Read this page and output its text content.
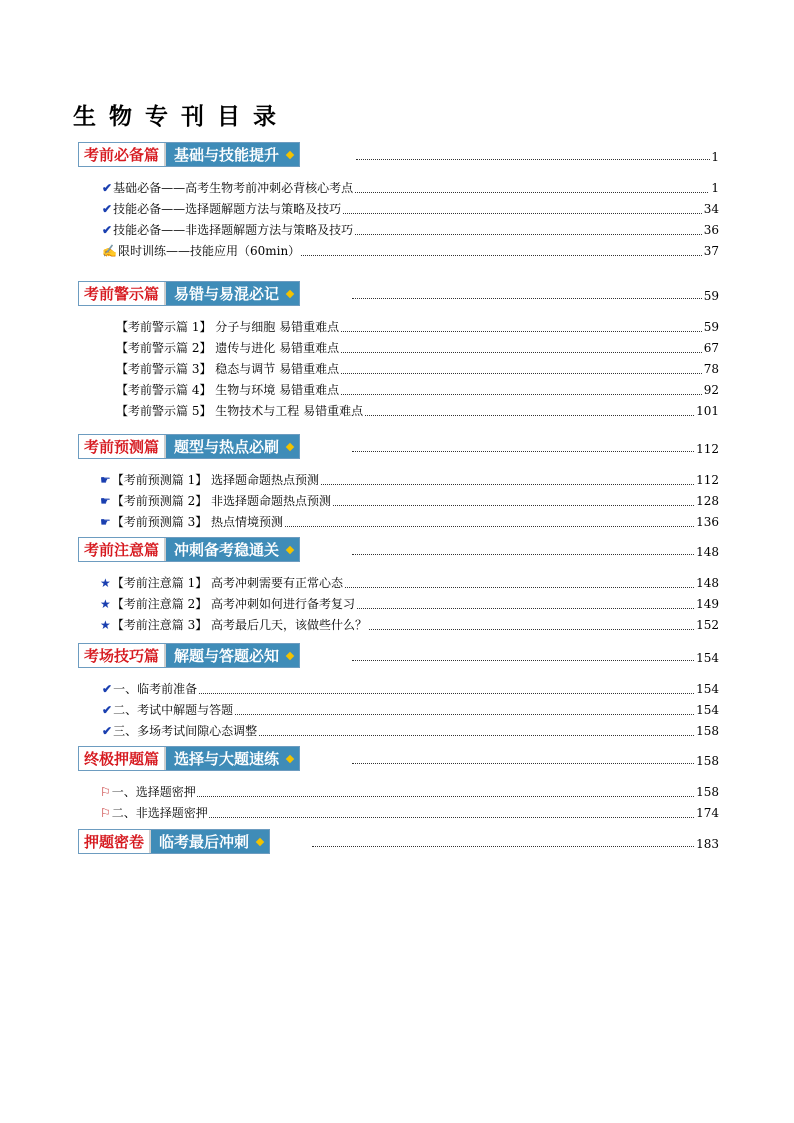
生物专刊目录
考前必备篇	基础与技能提升	1
✔基础必备——高考生物考前冲刺必背核心考点	1
✔技能必备——选择题解题方法与策略及技巧	34
✔技能必备——非选择题解题方法与策略及技巧	36
✍限时训练——技能应用（60min）	37
考前警示篇	易错与易混必记	59
【考前警示篇 1】 分子与细胞 易错重难点	59
【考前警示篇 2】 遗传与进化 易错重难点	67
【考前警示篇 3】 稳态与调节 易错重难点	78
【考前警示篇 4】 生物与环境 易错重难点	92
【考前警示篇 5】 生物技术与工程 易错重难点	101
考前预测篇	题型与热点必刷	112
☛【考前预测篇 1】 选择题命题热点预测	112
☛【考前预测篇 2】 非选择题命题热点预测	128
☛【考前预测篇 3】 热点情境预测	136
考前注意篇	冲刺备考稳通关	148
★【考前注意篇 1】 高考冲刺需要有正常心态	148
★【考前注意篇 2】 高考冲刺如何进行备考复习	149
★【考前注意篇 3】 高考最后几天，该做些什么？	152
考场技巧篇	解题与答题必知	154
✔一、临考前准备	154
✔二、考试中解题与答题	154
✔三、多场考试间隙心态调整	158
终极押题篇	选择与大题速练	158
⚐一、选择题密押	158
⚐二、非选择题密押	174
押题密卷	临考最后冲刺	183
